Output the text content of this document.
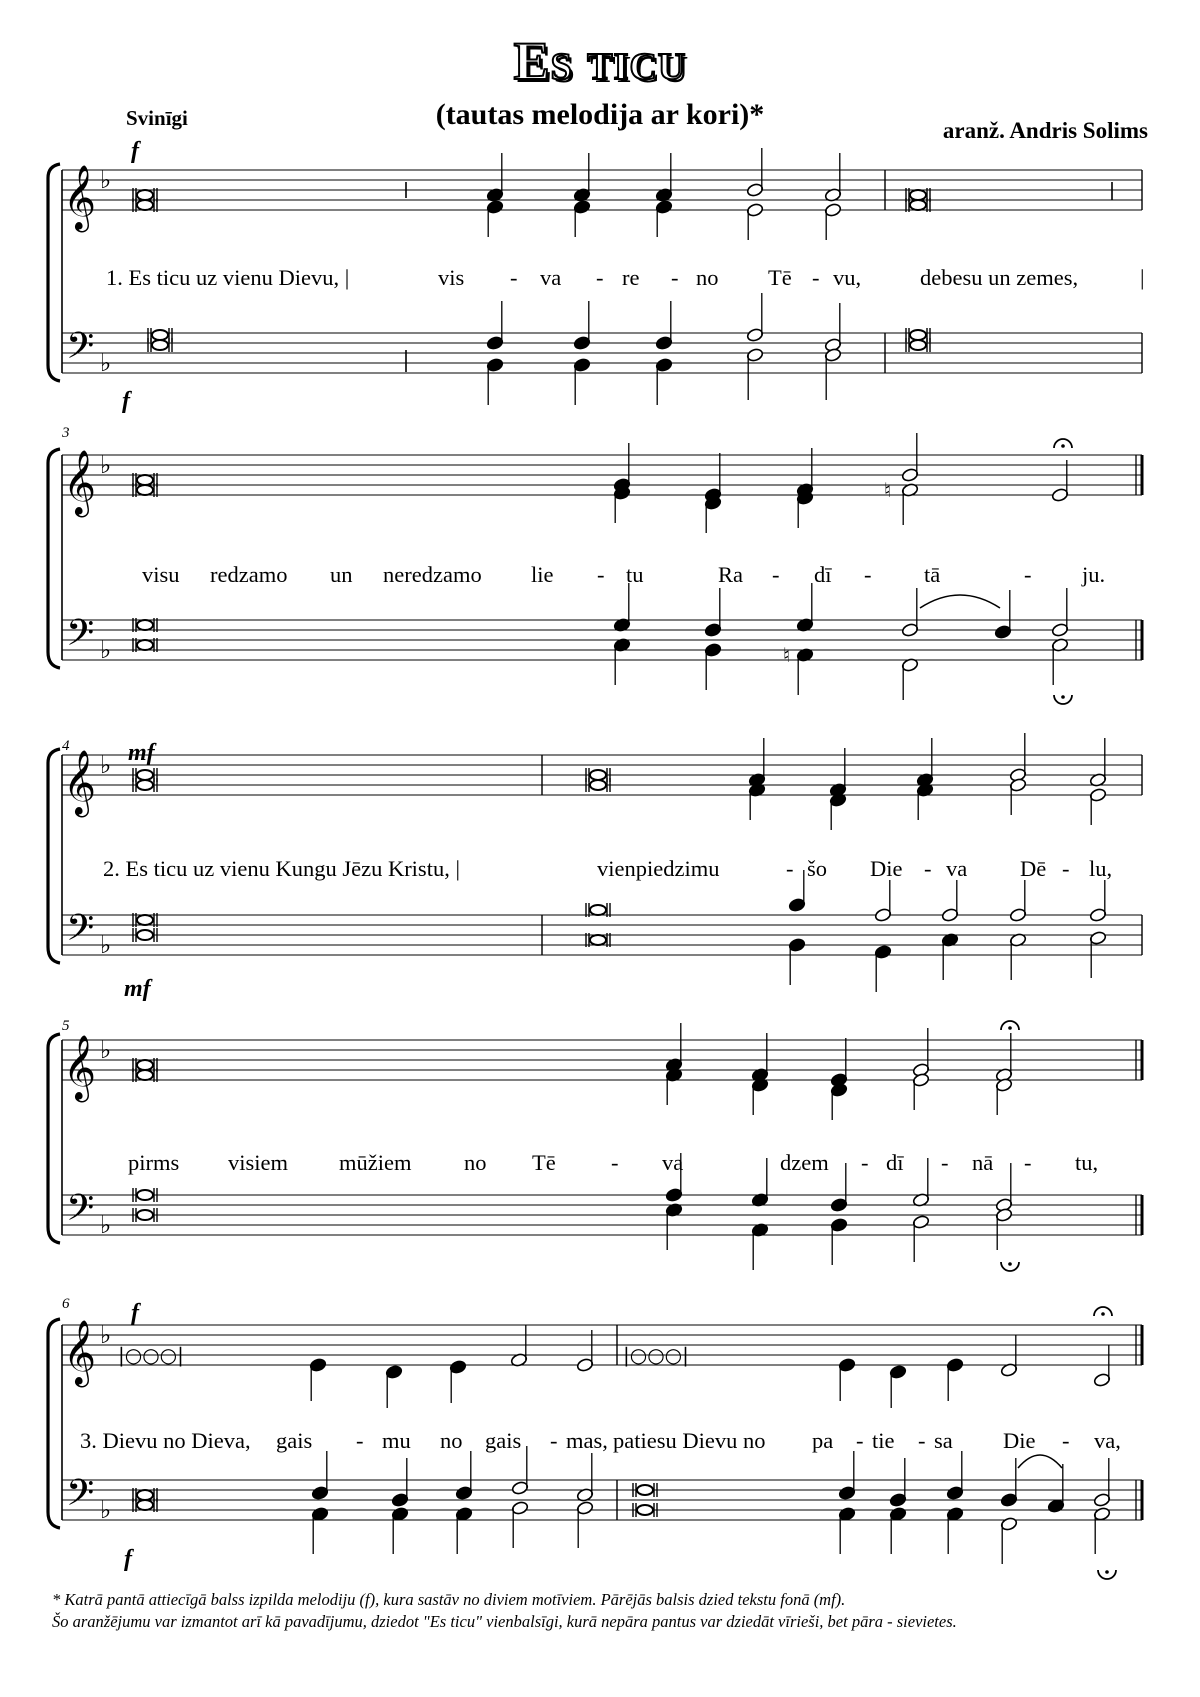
Es ticu
(tautas melodija ar kori)*
Svinīgi	aranž. Andris Solims
𝄞
𝄢
♭
♭
𝄞
𝄢
♭
♭
♮
♮
𝄞
𝄢
♭
♭
𝄞
𝄢
♭
♭
𝄞
𝄢
♭
♭
|○○○|	|○○○|
f
f
1. Es ticu uz vienu Dievu, |	vis - va - re - no Tē - vu,	debesu un zemes,	|
3
visu redzamo un neredzamo lie - tu	Ra - dī - tā	- ju.
4 mf
mf
2. Es ticu uz vienu Kungu Jēzu Kristu, |	vienpiedzimu	- šo Die - va Dē - lu,
5
pirms visiem mūžiem no Tē - va	dzem - dī - nā - tu,
6	f
f
3. Dievu no Dieva, gais - mu no gais - mas, patiesu Dievu no pa - tie - sa Die - va,
* Katrā pantā attiecīgā balss izpilda melodiju (f), kura sastāv no diviem motīviem. Pārējās balsis dzied tekstu fonā (mf).
Šo aranžējumu var izmantot arī kā pavadījumu, dziedot "Es ticu" vienbalsīgi, kurā nepāra pantus var dziedāt vīrieši, bet pāra - sievietes.
